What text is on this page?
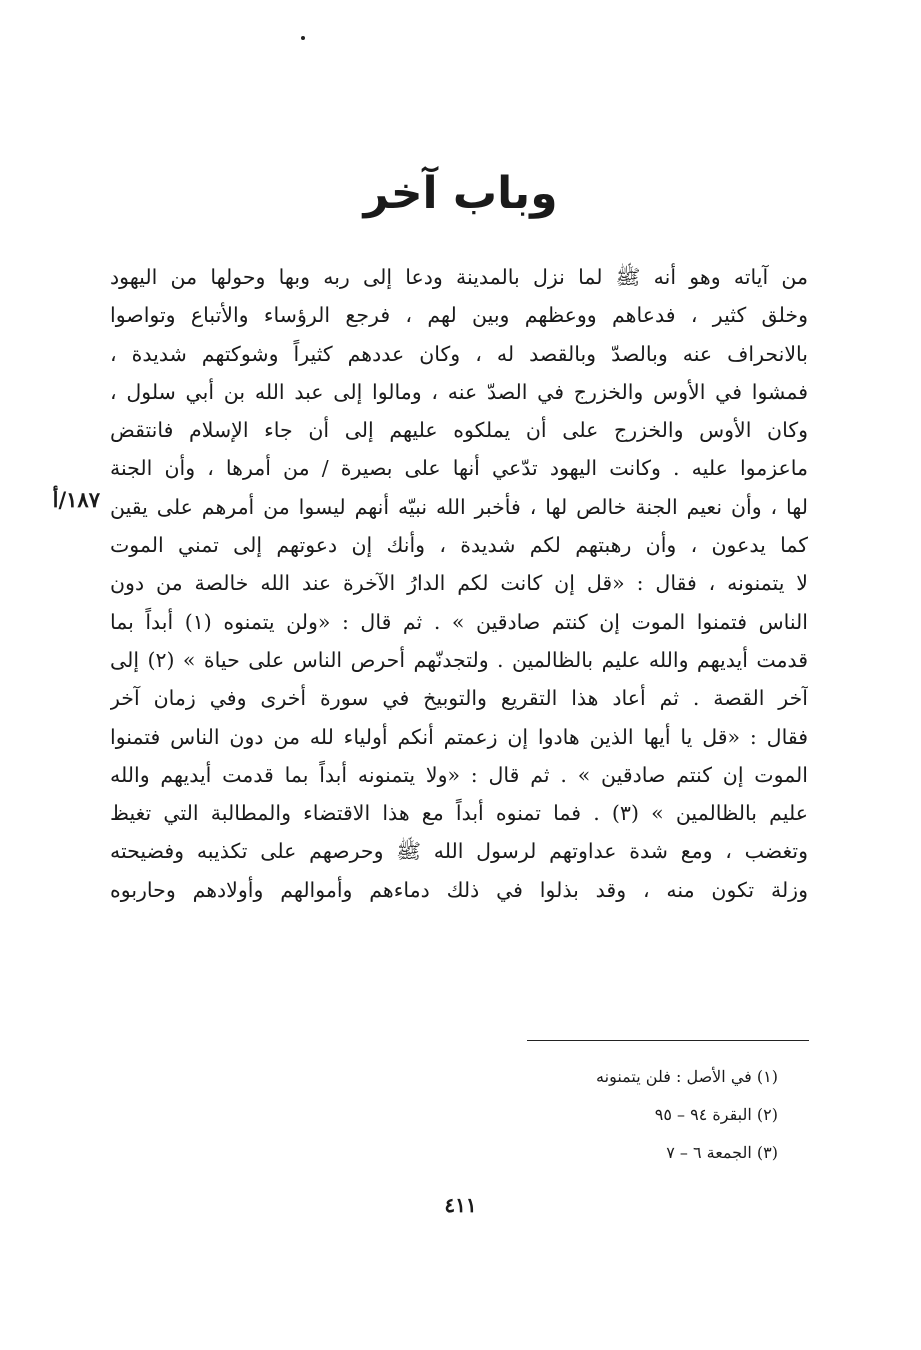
وباب آخر
١٨٧/أ
من آياته وهو أنه ﷺ لما نزل بالمدينة ودعا إلى ربه وبها وحولها من اليهود
وخلق كثير ، فدعاهم ووعظهم وبين لهم ، فرجع الرؤساء والأتباع وتواصوا
بالانحراف عنه وبالصدّ وبالقصد له ، وكان عددهم كثيراً وشوكتهم شديدة ،
فمشوا في الأوس والخزرج في الصدّ عنه ، ومالوا إلى عبد الله بن أبي سلول ،
وكان الأوس والخزرج على أن يملكوه عليهم إلى أن جاء الإسلام فانتقض
ماعزموا عليه . وكانت اليهود تدّعي أنها على بصيرة / من أمرها ، وأن الجنة
لها ، وأن نعيم الجنة خالص لها ، فأخبر الله نبيّه أنهم ليسوا من أمرهم على يقين
كما يدعون ، وأن رهبتهم لكم شديدة ، وأنك إن دعوتهم إلى تمني الموت
لا يتمنونه ، فقال : «قل إن كانت لكم الدارُ الآخرة عند الله خالصة من دون
الناس فتمنوا الموت إن كنتم صادقين » . ثم قال : «ولن يتمنوه (١) أبداً بما
قدمت أيديهم والله عليم بالظالمين . ولتجدنّهم أحرص الناس على حياة » (٢) إلى
آخر القصة . ثم أعاد هذا التقريع والتوبيخ في سورة أخرى وفي زمان آخر
فقال : «قل يا أيها الذين هادوا إن زعمتم أنكم أولياء لله من دون الناس فتمنوا
الموت إن كنتم صادقين » . ثم قال : «ولا يتمنونه أبداً بما قدمت أيديهم والله
عليم بالظالمين » (٣) . فما تمنوه أبداً مع هذا الاقتضاء والمطالبة التي تغيظ
وتغضب ، ومع شدة عداوتهم لرسول الله ﷺ وحرصهم على تكذيبه وفضيحته
وزلة تكون منه ، وقد بذلوا في ذلك دماءهم وأموالهم وأولادهم وحاربوه
(١) في الأصل : فلن يتمنونه
(٢) البقرة ٩٤ – ٩٥
(٣) الجمعة ٦ – ٧
٤١١
